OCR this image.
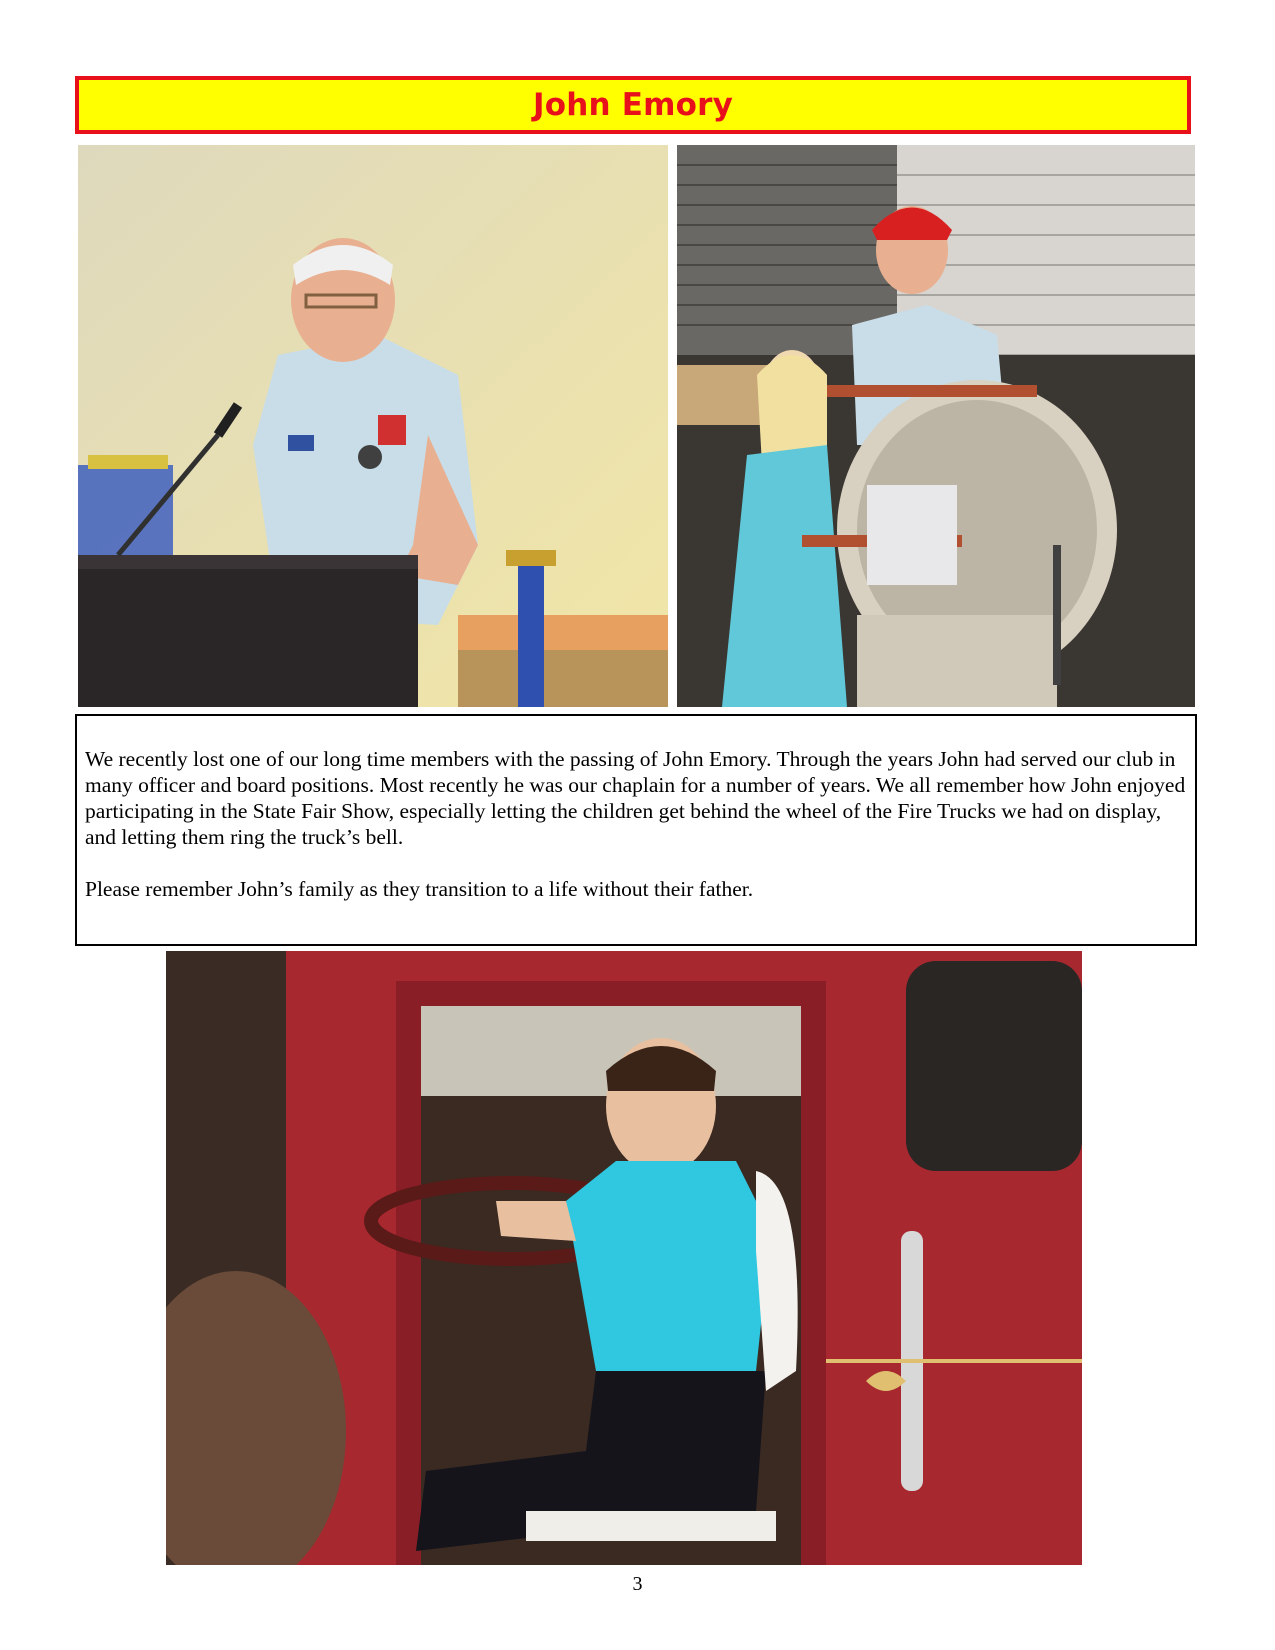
John Emory

We recently lost one of our long time members with the passing of John Emory. Through the years John had served our club in many officer and board positions. Most recently he was our chaplain for a number of years. We all remember how John enjoyed participating in the State Fair Show, especially letting the children get behind the wheel of the Fire Trucks we had on display, and letting them ring the truck’s bell.

Please remember John’s family as they transition to a life without their father.

3
